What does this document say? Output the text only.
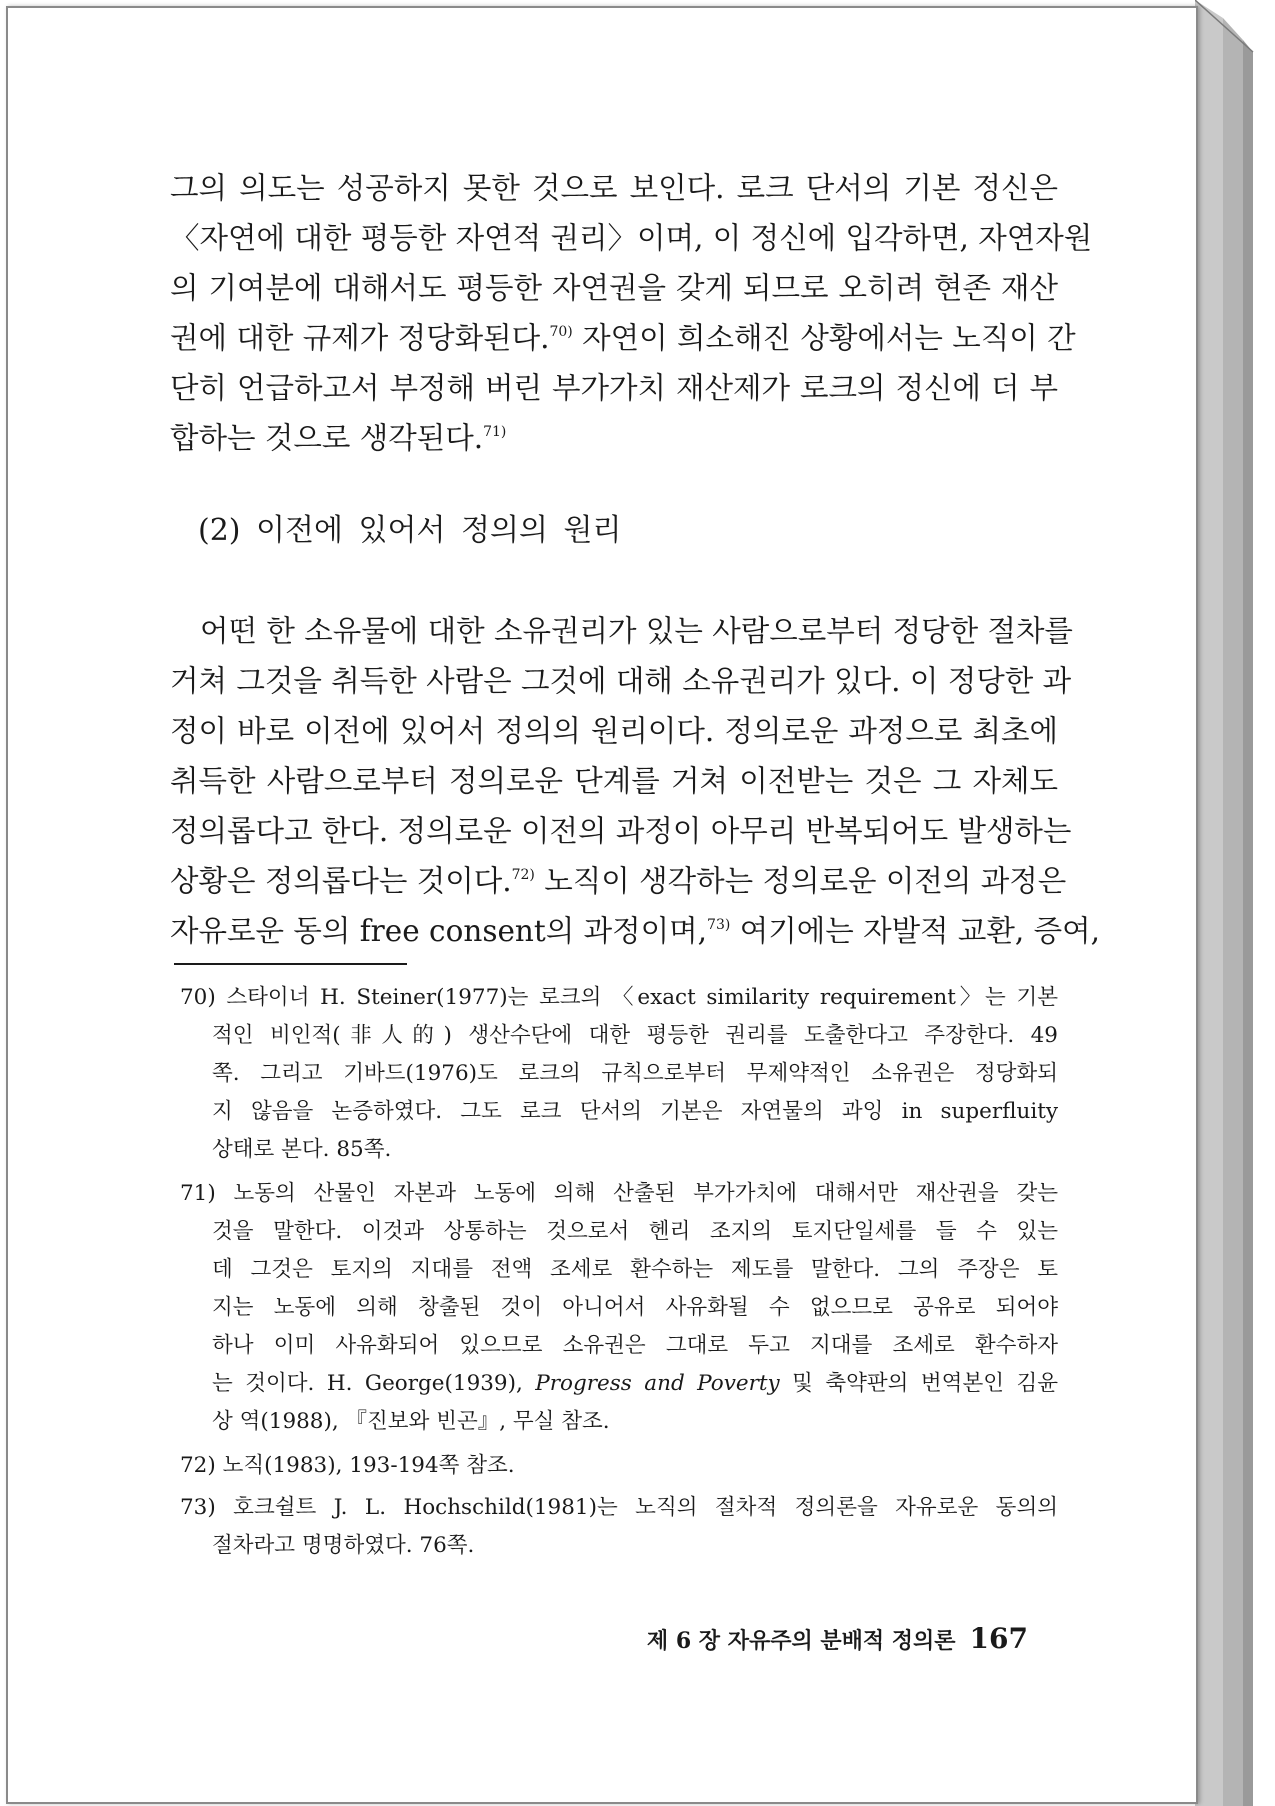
그의 의도는 성공하지 못한 것으로 보인다. 로크 단서의 기본 정신은
〈자연에 대한 평등한 자연적 권리〉이며, 이 정신에 입각하면, 자연자원
의 기여분에 대해서도 평등한 자연권을 갖게 되므로 오히려 현존 재산
권에 대한 규제가 정당화된다.$^{70)}$ 자연이 희소해진 상황에서는 노직이 간
단히 언급하고서 부정해 버린 부가가치 재산제가 로크의 정신에 더 부
합하는 것으로 생각된다.$^{71)}$
(2) 이전에 있어서 정의의 원리
어떤 한 소유물에 대한 소유권리가 있는 사람으로부터 정당한 절차를
거쳐 그것을 취득한 사람은 그것에 대해 소유권리가 있다. 이 정당한 과
정이 바로 이전에 있어서 정의의 원리이다. 정의로운 과정으로 최초에
취득한 사람으로부터 정의로운 단계를 거쳐 이전받는 것은 그 자체도
정의롭다고 한다. 정의로운 이전의 과정이 아무리 반복되어도 발생하는
상황은 정의롭다는 것이다.$^{72)}$ 노직이 생각하는 정의로운 이전의 과정은
자유로운 동의 free consent의 과정이며,$^{73)}$ 여기에는 자발적 교환, 증여,
70) 스타이너 H. Steiner(1977)는 로크의 〈exact similarity requirement〉는 기본
적인 비인적(非人的) 생산수단에 대한 평등한 권리를 도출한다고 주장한다. 49
쪽. 그리고 기바드(1976)도 로크의 규칙으로부터 무제약적인 소유권은 정당화되
지 않음을 논증하였다. 그도 로크 단서의 기본은 자연물의 과잉 in superfluity
상태로 본다. 85쪽.
71) 노동의 산물인 자본과 노동에 의해 산출된 부가가치에 대해서만 재산권을 갖는
것을 말한다. 이것과 상통하는 것으로서 헨리 조지의 토지단일세를 들 수 있는
데 그것은 토지의 지대를 전액 조세로 환수하는 제도를 말한다. 그의 주장은 토
지는 노동에 의해 창출된 것이 아니어서 사유화될 수 없으므로 공유로 되어야
하나 이미 사유화되어 있으므로 소유권은 그대로 두고 지대를 조세로 환수하자
는 것이다. H. George(1939), Progress and Poverty 및 축약판의 번역본인 김윤
상 역(1988), 『진보와 빈곤』, 무실 참조.
72) 노직(1983), 193-194쪽 참조.
73) 호크쉴트 J. L. Hochschild(1981)는 노직의 절차적 정의론을 자유로운 동의의
절차라고 명명하였다. 76쪽.
제 6 장 자유주의 분배적 정의론 167
